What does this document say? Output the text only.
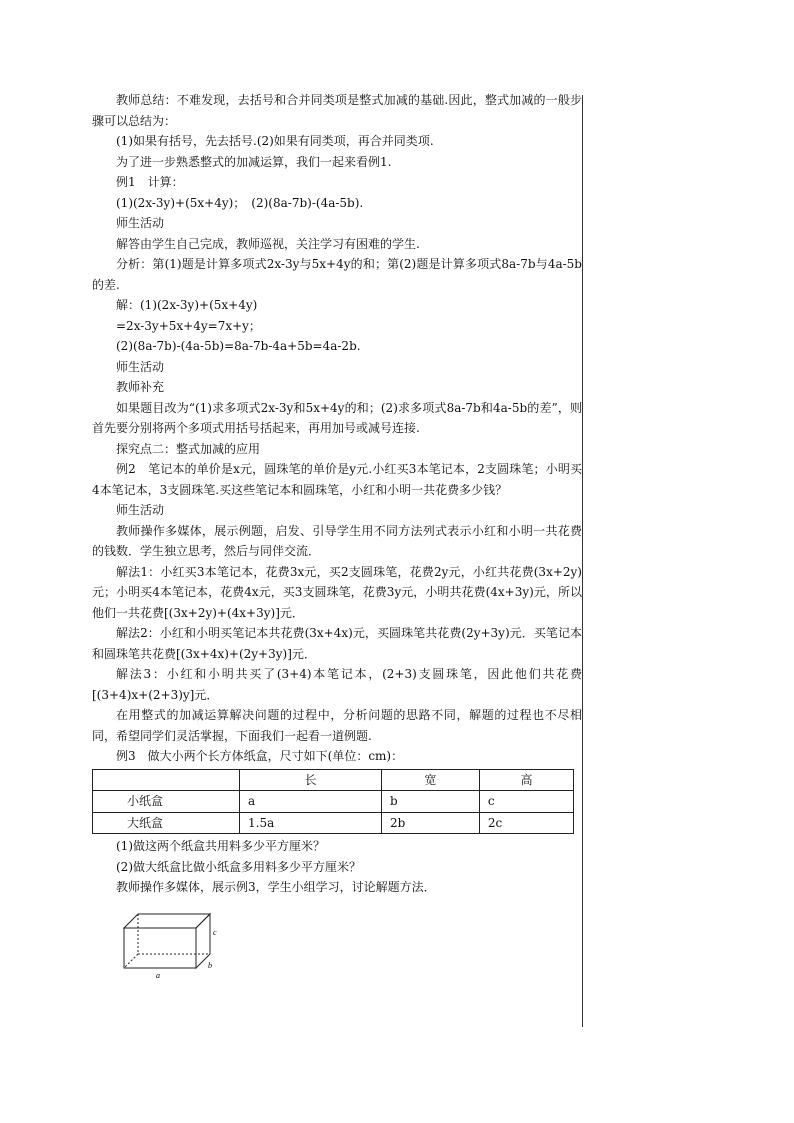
教师总结：不难发现，去括号和合并同类项是整式加减的基础.因此，整式加减的一般步骤可以总结为：

(1)如果有括号，先去括号.(2)如果有同类项，再合并同类项.

为了进一步熟悉整式的加减运算，我们一起来看例1.

例1　计算：

(1)(2x-3y)+(5x+4y)；　(2)(8a-7b)-(4a-5b).

师生活动

解答由学生自己完成，教师巡视，关注学习有困难的学生.

分析：第(1)题是计算多项式2x-3y与5x+4y的和；第(2)题是计算多项式8a-7b与4a-5b的差.

解：(1)(2x-3y)+(5x+4y)

=2x-3y+5x+4y=7x+y；

(2)(8a-7b)-(4a-5b)=8a-7b-4a+5b=4a-2b.

师生活动

教师补充

如果题目改为“(1)求多项式2x-3y和5x+4y的和；(2)求多项式8a-7b和4a-5b的差”，则首先要分别将两个多项式用括号括起来，再用加号或减号连接.

探究点二：整式加减的应用

例2　笔记本的单价是x元，圆珠笔的单价是y元.小红买3本笔记本，2支圆珠笔；小明买4本笔记本，3支圆珠笔.买这些笔记本和圆珠笔，小红和小明一共花费多少钱？

师生活动

教师操作多媒体，展示例题，启发、引导学生用不同方法列式表示小红和小明一共花费的钱数．学生独立思考，然后与同伴交流．

解法1：小红买3本笔记本，花费3x元，买2支圆珠笔，花费2y元，小红共花费(3x+2y)元；小明买4本笔记本，花费4x元，买3支圆珠笔，花费3y元，小明共花费(4x+3y)元，所以他们一共花费[(3x+2y)+(4x+3y)]元．

解法2：小红和小明买笔记本共花费(3x+4x)元，买圆珠笔共花费(2y+3y)元．买笔记本和圆珠笔共花费[(3x+4x)+(2y+3y)]元．

解法3：小红和小明共买了(3+4)本笔记本，(2+3)支圆珠笔，因此他们共花费[(3+4)x+(2+3)y]元．

在用整式的加减运算解决问题的过程中，分析问题的思路不同，解题的过程也不尽相同，希望同学们灵活掌握，下面我们一起看一道例题.

例3　做大小两个长方体纸盒，尺寸如下(单位：cm)：

	长	宽	高
小纸盒	a	b	c
大纸盒	1.5a	2b	2c

(1)做这两个纸盒共用料多少平方厘米？

(2)做大纸盒比做小纸盒多用料多少平方厘米？

教师操作多媒体，展示例3，学生小组学习，讨论解题方法．

a
b
c
